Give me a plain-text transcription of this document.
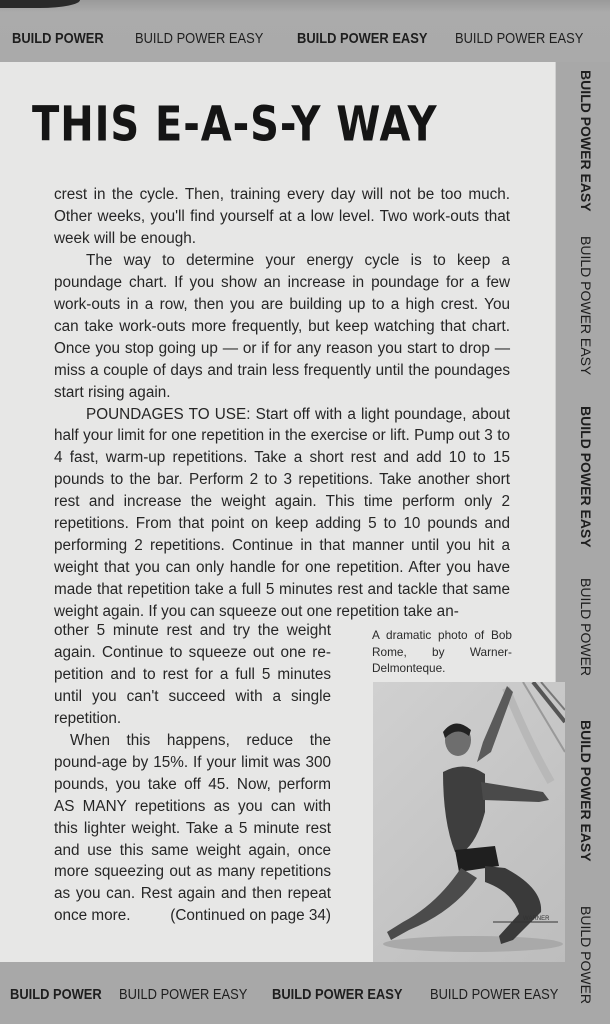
BUILD POWER	BUILD POWER EASY	BUILD POWER EASY	BUILD POWER EASY
THIS E-A-S-Y WAY

crest in the cycle. Then, training every day will not be too much. Other weeks, you'll find yourself at a low level. Two work-outs that week will be enough.

The way to determine your energy cycle is to keep a poundage chart. If you show an increase in poundage for a few work-outs in a row, then you are building up to a high crest. You can take work-outs more frequently, but keep watching that chart. Once you stop going up — or if for any reason you start to drop — miss a couple of days and train less frequently until the poundages start rising again.

POUNDAGES TO USE: Start off with a light poundage, about half your limit for one repetition in the exercise or lift. Pump out 3 to 4 fast, warm-up repetitions. Take a short rest and add 10 to 15 pounds to the bar. Perform 2 to 3 repetitions. Take another short rest and increase the weight again. This time perform only 2 repetitions. From that point on keep adding 5 to 10 pounds and performing 2 repetitions. Continue in that manner until you hit a weight that you can only handle for one repetition. After you have made that repetition take a full 5 minutes rest and tackle that same weight again. If you can squeeze out one repetition take an-

other 5 minute rest and try the weight again. Continue to squeeze out one re-petition and to rest for a full 5 minutes until you can't succeed with a single repetition.

When this happens, reduce the pound-age by 15%. If your limit was 300 pounds, you take off 45. Now, perform AS MANY repetitions as you can with this lighter weight. Take a 5 minute rest and use this same weight again, once more squeezing out as many repetitions as you can. Rest again and then repeat once more.	(Continued on page 34)

A dramatic photo of Bob Rome, by Warner-Delmonteque.
WARNER
BUILD POWER EASY
BUILD POWER EASY
BUILD POWER EASY
BUILD POWER
BUILD POWER EASY
BUILD POWER
BUILD POWER BUILD POWER EASY BUILD POWER EASY	BUILD POWER EASY
